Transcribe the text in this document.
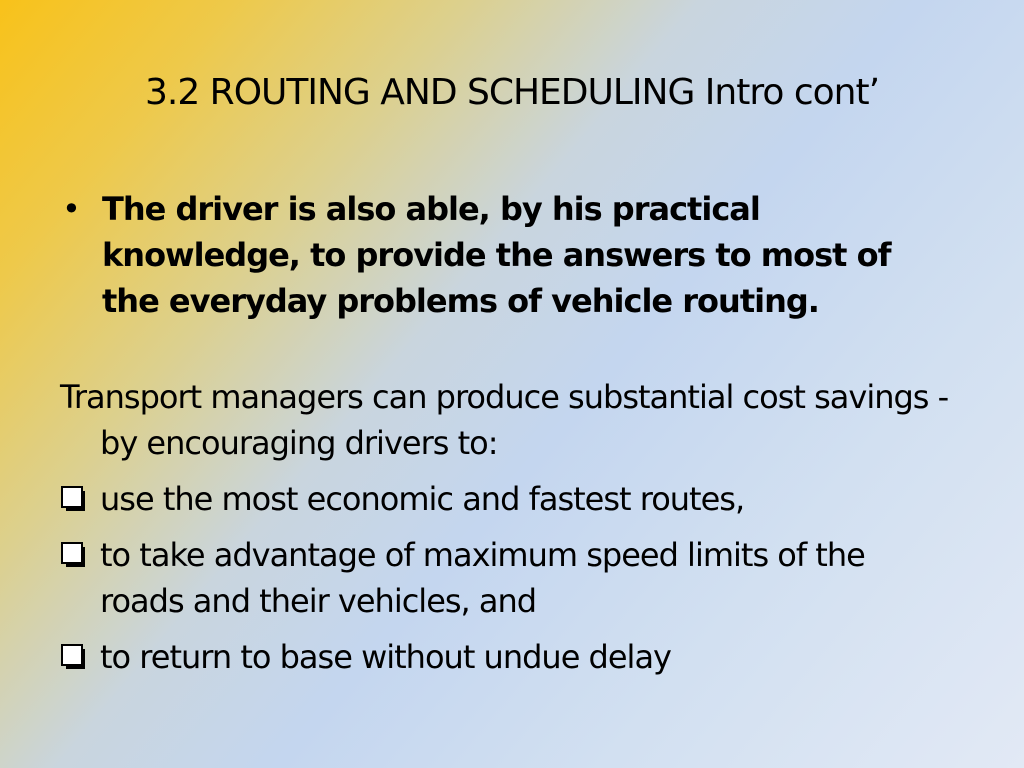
3.2 ROUTING AND SCHEDULING Intro cont’
• The driver is also able, by his practical knowledge, to provide the answers to most of the everyday problems of vehicle routing.
Transport managers can produce substantial cost savings - by encouraging drivers to:
use the most economic and fastest routes,
to take advantage of maximum speed limits of the roads and their vehicles, and
to return to base without undue delay
